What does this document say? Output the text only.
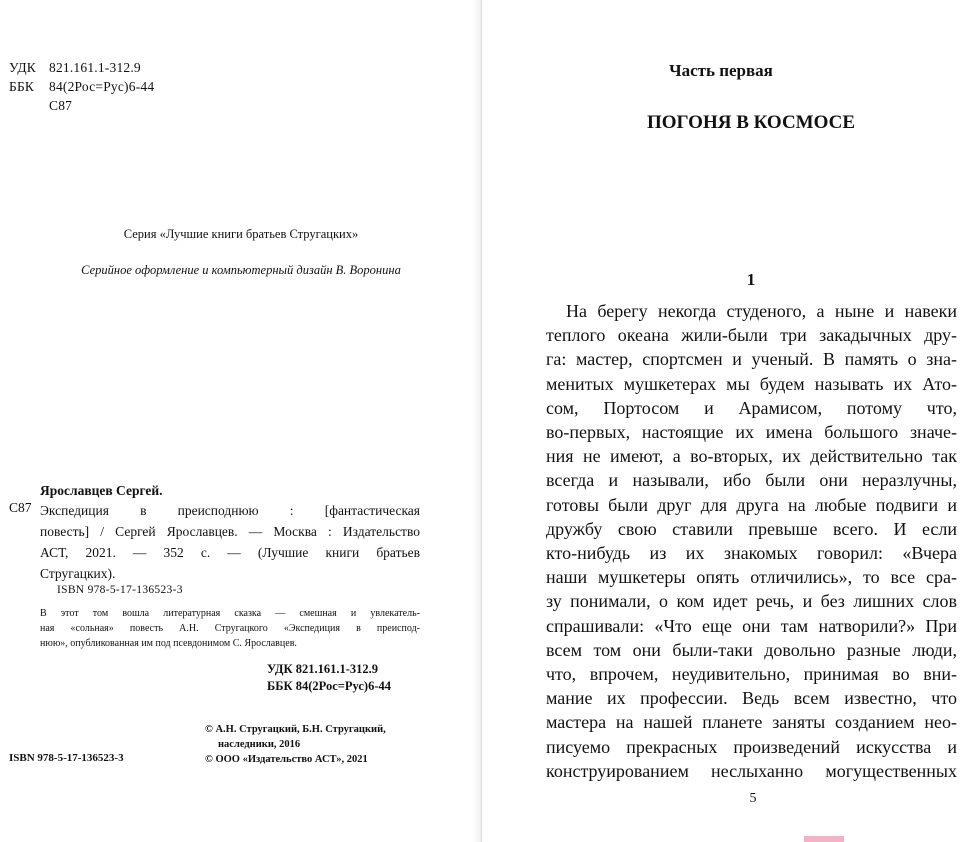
УДК 821.161.1-312.9
ББК	84(2Рос=Рус)6-44
С87
Серия «Лучшие книги братьев Стругацких»
Серийное оформление и компьютерный дизайн В. Воронина
Ярославцев Сергей.
С87 Экспедиция в преисподнюю : [фантастическая
повесть] / Сергей Ярославцев. — Москва : Издательство
АСТ, 2021. — 352 с. — (Лучшие книги братьев
Стругацких).
ISBN 978-5-17-136523-3
В этот том вошла литературная сказка — смешная и увлекатель-
ная «сольная» повесть А.Н. Стругацкого «Экспедиция в преиспод-
нюю», опубликованная им под псевдонимом С. Ярославцев.
УДК 821.161.1-312.9
ББК 84(2Рос=Рус)6-44
© А.Н. Стругацкий, Б.Н. Стругацкий,
наследники, 2016
© ООО «Издательство АСТ», 2021
ISBN 978-5-17-136523-3
Часть первая
ПОГОНЯ В КОСМОСЕ
1
На берегу некогда студеного, а ныне и навеки
теплого океана жили-были три закадычных дру-
га: мастер, спортсмен и ученый. В память о зна-
менитых мушкетерах мы будем называть их Ато-
сом, Портосом и Арамисом, потому что,
во-первых, настоящие их имена большого значе-
ния не имеют, а во-вторых, их действительно так
всегда и называли, ибо были они неразлучны,
готовы были друг для друга на любые подвиги и
дружбу свою ставили превыше всего. И если
кто-нибудь из их знакомых говорил: «Вчера
наши мушкетеры опять отличились», то все сра-
зу понимали, о ком идет речь, и без лишних слов
спрашивали: «Что еще они там натворили?» При
всем том они были-таки довольно разные люди,
что, впрочем, неудивительно, принимая во вни-
мание их профессии. Ведь всем известно, что
мастера на нашей планете заняты созданием нео-
писуемо прекрасных произведений искусства и
конструированием неслыханно могущественных
5
